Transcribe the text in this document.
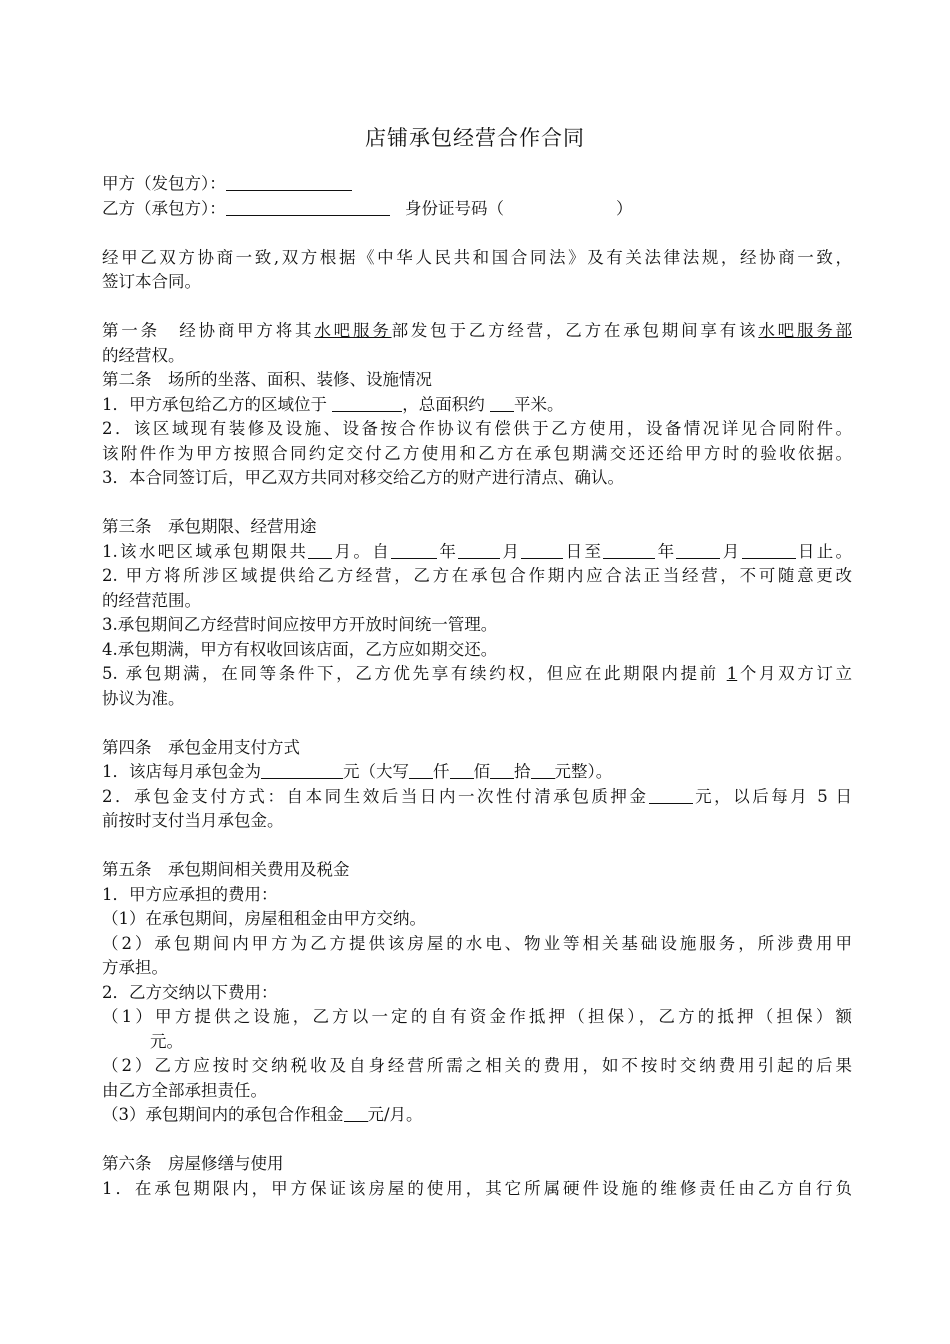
店铺承包经营合作合同
甲方（发包方）：
乙方（承包方）：	身份证号码（	）
经甲乙双方协商一致,双方根据《中华人民共和国合同法》及有关法律法规，经协商一致，
签订本合同。
第一条　经协商甲方将其水吧服务部发包于乙方经营，乙方在承包期间享有该水吧服务部
的经营权。
第二条　场所的坐落、面积、装修、设施情况
1．甲方承包给乙方的区域位于	，总面积约 平米。
2．该区域现有装修及设施、设备按合作协议有偿供于乙方使用，设备情况详见合同附件。
该附件作为甲方按照合同约定交付乙方使用和乙方在承包期满交还还给甲方时的验收依据。
3．本合同签订后，甲乙双方共同对移交给乙方的财产进行清点、确认。
第三条　承包期限、经营用途
1.该水吧区域承包期限共 月。自	年	月	日至	年	月	日止。
2. 甲方将所涉区域提供给乙方经营，乙方在承包合作期内应合法正当经营，不可随意更改
的经营范围。
3.承包期间乙方经营时间应按甲方开放时间统一管理。
4.承包期满，甲方有权收回该店面，乙方应如期交还。
5. 承包期满，在同等条件下，乙方优先享有续约权，但应在此期限内提前 1个月双方订立
协议为准。
第四条　承包金用支付方式
1．该店每月承包金为	元（大写 仟 佰 拾 元整）。
2．承包金支付方式：自本同生效后当日内一次性付清承包质押金	元，以后每月 5 日
前按时支付当月承包金。
第五条　承包期间相关费用及税金
1．甲方应承担的费用：
（1）在承包期间，房屋租租金由甲方交纳。
（2）承包期间内甲方为乙方提供该房屋的水电、物业等相关基础设施服务，所涉费用甲
方承担。
2．乙方交纳以下费用：
（1）甲方提供之设施，乙方以一定的自有资金作抵押（担保），乙方的抵押（担保）额
元。
（2）乙方应按时交纳税收及自身经营所需之相关的费用，如不按时交纳费用引起的后果
由乙方全部承担责任。
（3）承包期间内的承包合作租金 元/月。
第六条　房屋修缮与使用
1．在承包期限内，甲方保证该房屋的使用，其它所属硬件设施的维修责任由乙方自行负
